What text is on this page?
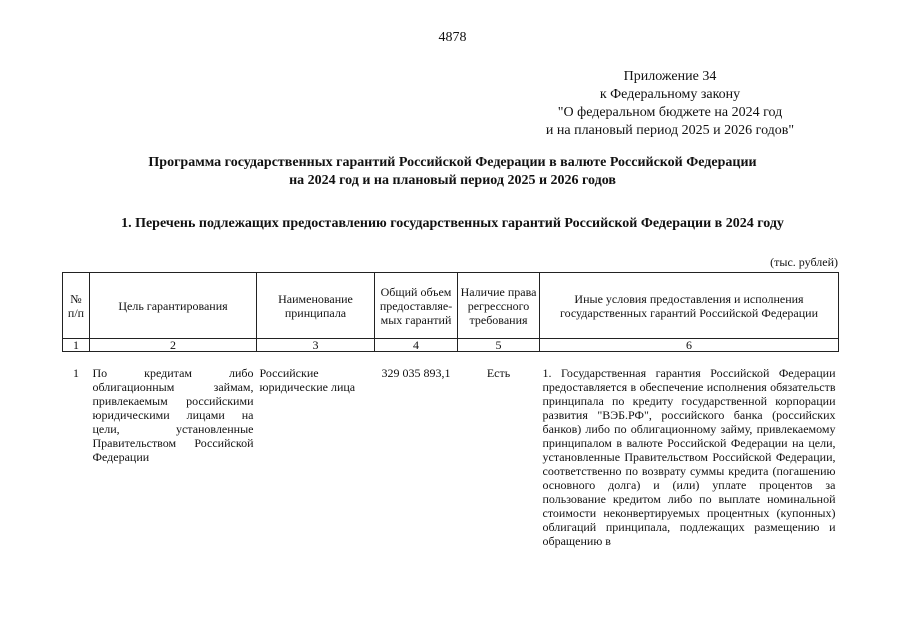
4878
Приложение 34
к Федеральному закону
"О федеральном бюджете на 2024 год
и на плановый период 2025 и 2026 годов"
Программа государственных гарантий Российской Федерации в валюте Российской Федерации
на 2024 год и на плановый период 2025 и 2026 годов
1. Перечень подлежащих предоставлению государственных гарантий Российской Федерации в 2024 году
(тыс. рублей)
№ п/п	Цель гарантирования	Наименование принципала	Общий объем предоставляе-мых гарантий	Наличие права регрессного требования	Иные условия предоставления и исполнения государственных гарантий Российской Федерации
1	2	3	4	5	6
1	По кредитам либо облигационным займам, привлекаемым российскими юридическими лицами на цели, установленные Правительством Российской Федерации	Российские юридические лица	329 035 893,1	Есть	1. Государственная гарантия Российской Федерации предоставляется в обеспечение исполнения обязательств принципала по кредиту государственной корпорации развития "ВЭБ.РФ", российского банка (российских банков) либо по облигационному займу, привлекаемому принципалом в валюте Российской Федерации на цели, установленные Правительством Российской Федерации, соответственно по возврату суммы кредита (погашению основного долга) и (или) уплате процентов за пользование кредитом либо по выплате номинальной стоимости неконвертируемых процентных (купонных) облигаций принципала, подлежащих размещению и обращению в
